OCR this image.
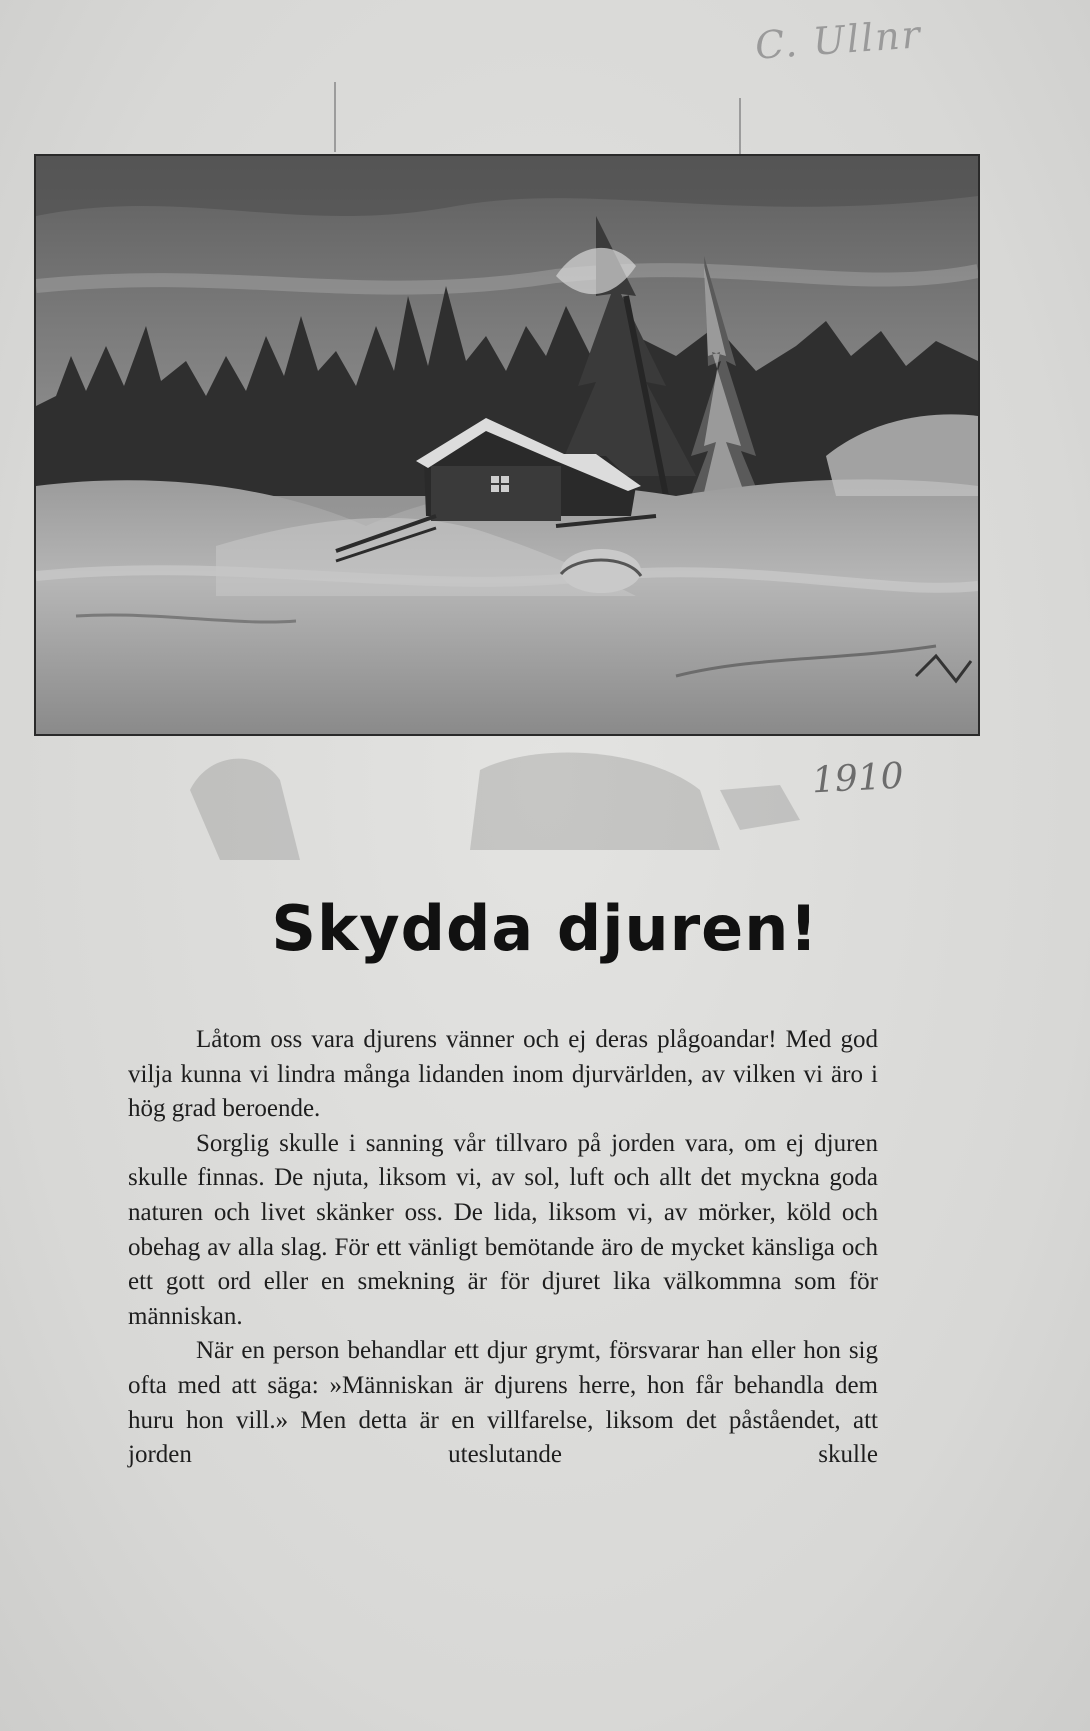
C. Ullnr
1910
Skydda djuren!

Låtom oss vara djurens vänner och ej deras plågoandar! Med god vilja kunna vi lindra många lidanden inom djurvärlden, av vilken vi äro i hög grad beroende.

Sorglig skulle i sanning vår tillvaro på jorden vara, om ej djuren skulle finnas. De njuta, liksom vi, av sol, luft och allt det myckna goda naturen och livet skänker oss. De lida, liksom vi, av mörker, köld och obehag av alla slag. För ett vänligt bemötande äro de mycket känsliga och ett gott ord eller en smekning är för djuret lika välkommna som för människan.

När en person behandlar ett djur grymt, försvarar han eller hon sig ofta med att säga: »Människan är djurens herre, hon får behandla dem huru hon vill.» Men detta är en villfarelse, liksom det påståendet, att jorden uteslutande skulle
